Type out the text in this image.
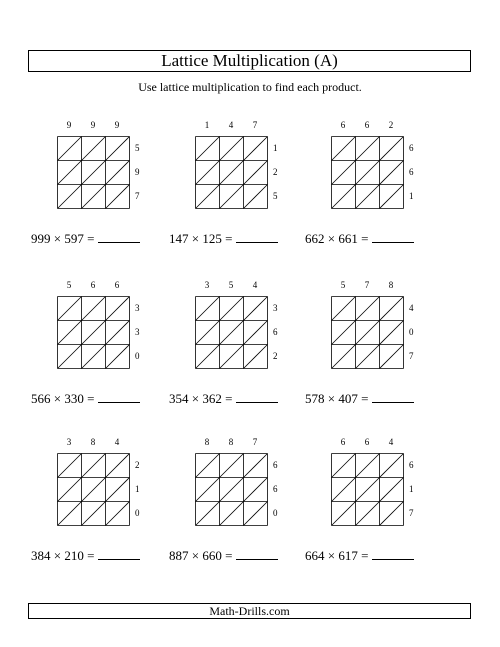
Lattice Multiplication (A)
Use lattice multiplication to find each product.
9	9	9
5
9
7
999 × 597 =
1	4	7
1
2
5
147 × 125 =
6	6	2
6
6
1
662 × 661 =
5	6	6
3
3
0
566 × 330 =
3	5	4
3
6
2
354 × 362 =
5	7	8
4
0
7
578 × 407 =
3	8	4
2
1
0
384 × 210 =
8	8	7
6
6
0
887 × 660 =
6	6	4
6
1
7
664 × 617 =
Math-Drills.com
